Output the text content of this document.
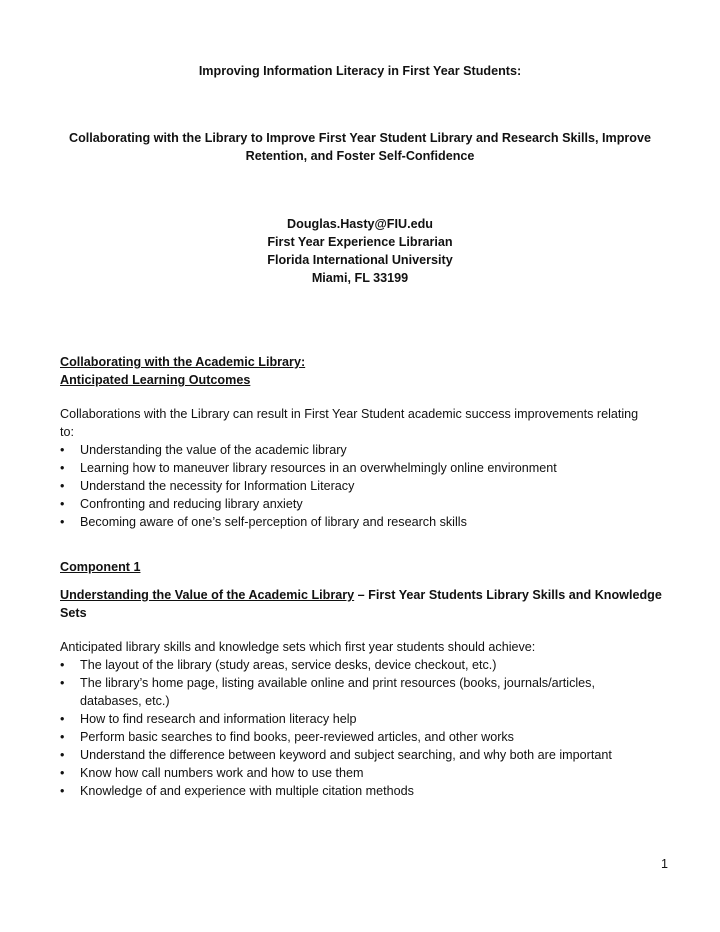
Improving Information Literacy in First Year Students:
Collaborating with the Library to Improve First Year Student Library and Research Skills, Improve
Retention, and Foster Self-Confidence
Douglas.Hasty@FIU.edu
First Year Experience Librarian
Florida International University
Miami, FL 33199
Collaborating with the Academic Library:
Anticipated Learning Outcomes
Collaborations with the Library can result in First Year Student academic success improvements relating
to:
• Understanding the value of the academic library
• Learning how to maneuver library resources in an overwhelmingly online environment
• Understand the necessity for Information Literacy
• Confronting and reducing library anxiety
• Becoming aware of one’s self-perception of library and research skills
Component 1
Understanding the Value of the Academic Library – First Year Students Library Skills and Knowledge
Sets
Anticipated library skills and knowledge sets which first year students should achieve:
• The layout of the library (study areas, service desks, device checkout, etc.)
• The library’s home page, listing available online and print resources (books, journals/articles,
databases, etc.)
• How to find research and information literacy help
• Perform basic searches to find books, peer-reviewed articles, and other works
• Understand the difference between keyword and subject searching, and why both are important
• Know how call numbers work and how to use them
• Knowledge of and experience with multiple citation methods
1
